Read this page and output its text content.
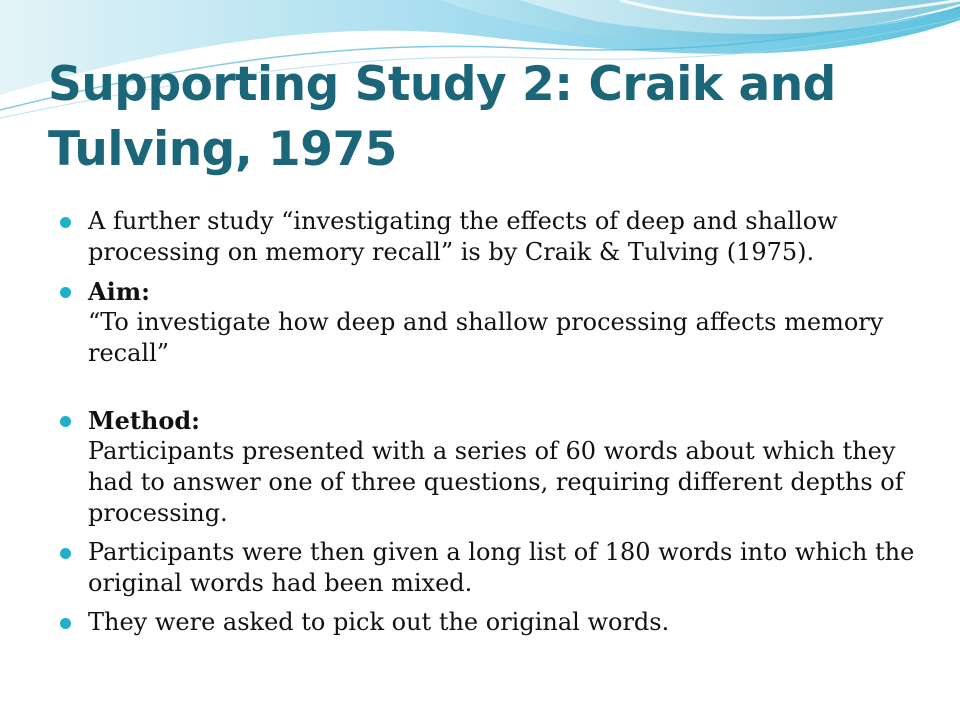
Supporting Study 2: Craik and Tulving, 1975
A further study “investigating the effects of deep and shallow processing on memory recall” is by Craik & Tulving (1975).
Aim:
“To investigate how deep and shallow processing affects memory recall”
Method:
Participants presented with a series of 60 words about which they had to answer one of three questions, requiring different depths of processing.
Participants were then given a long list of 180 words into which the original words had been mixed.
They were asked to pick out the original words.
